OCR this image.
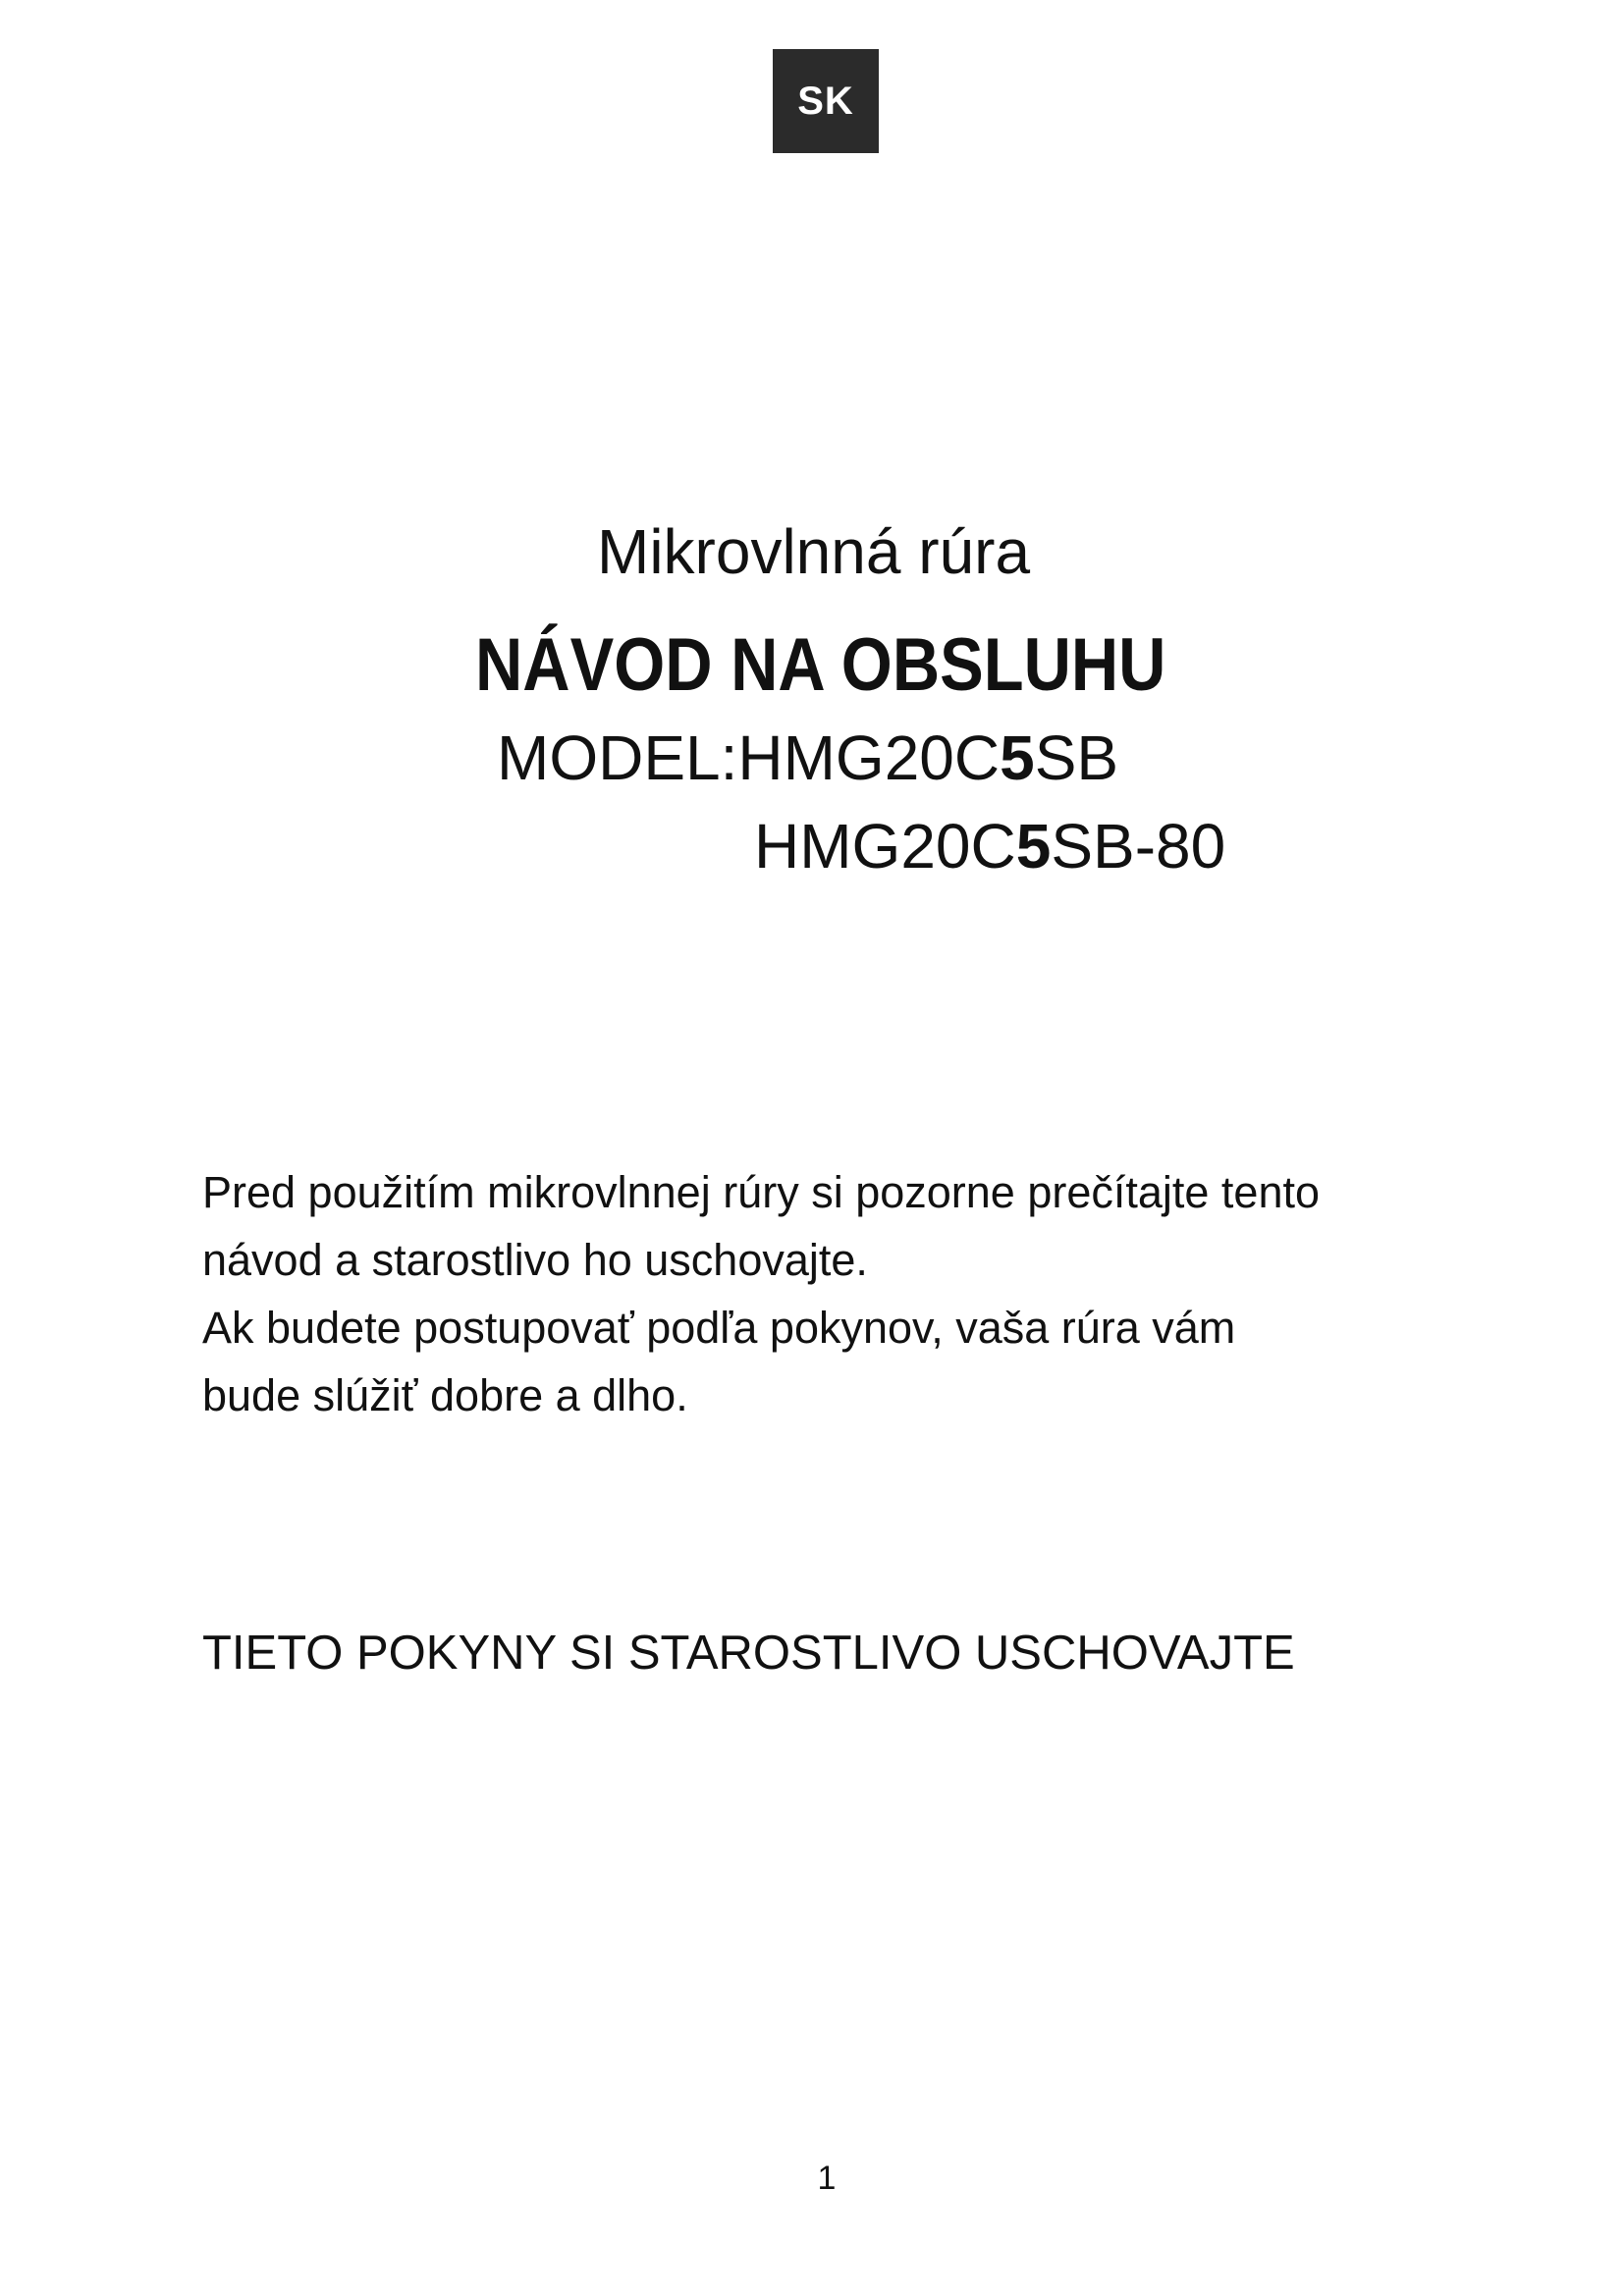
SK
Mikrovlnná rúra
NÁVOD NA OBSLUHU
MODEL:HMG20C5SB
HMG20C5SB-80

Pred použitím mikrovlnnej rúry si pozorne prečítajte tento

návod a starostlivo ho uschovajte.

Ak budete postupovať podľa pokynov, vaša rúra vám

bude slúžiť dobre a dlho.

TIETO POKYNY SI STAROSTLIVO USCHOVAJTE
1
